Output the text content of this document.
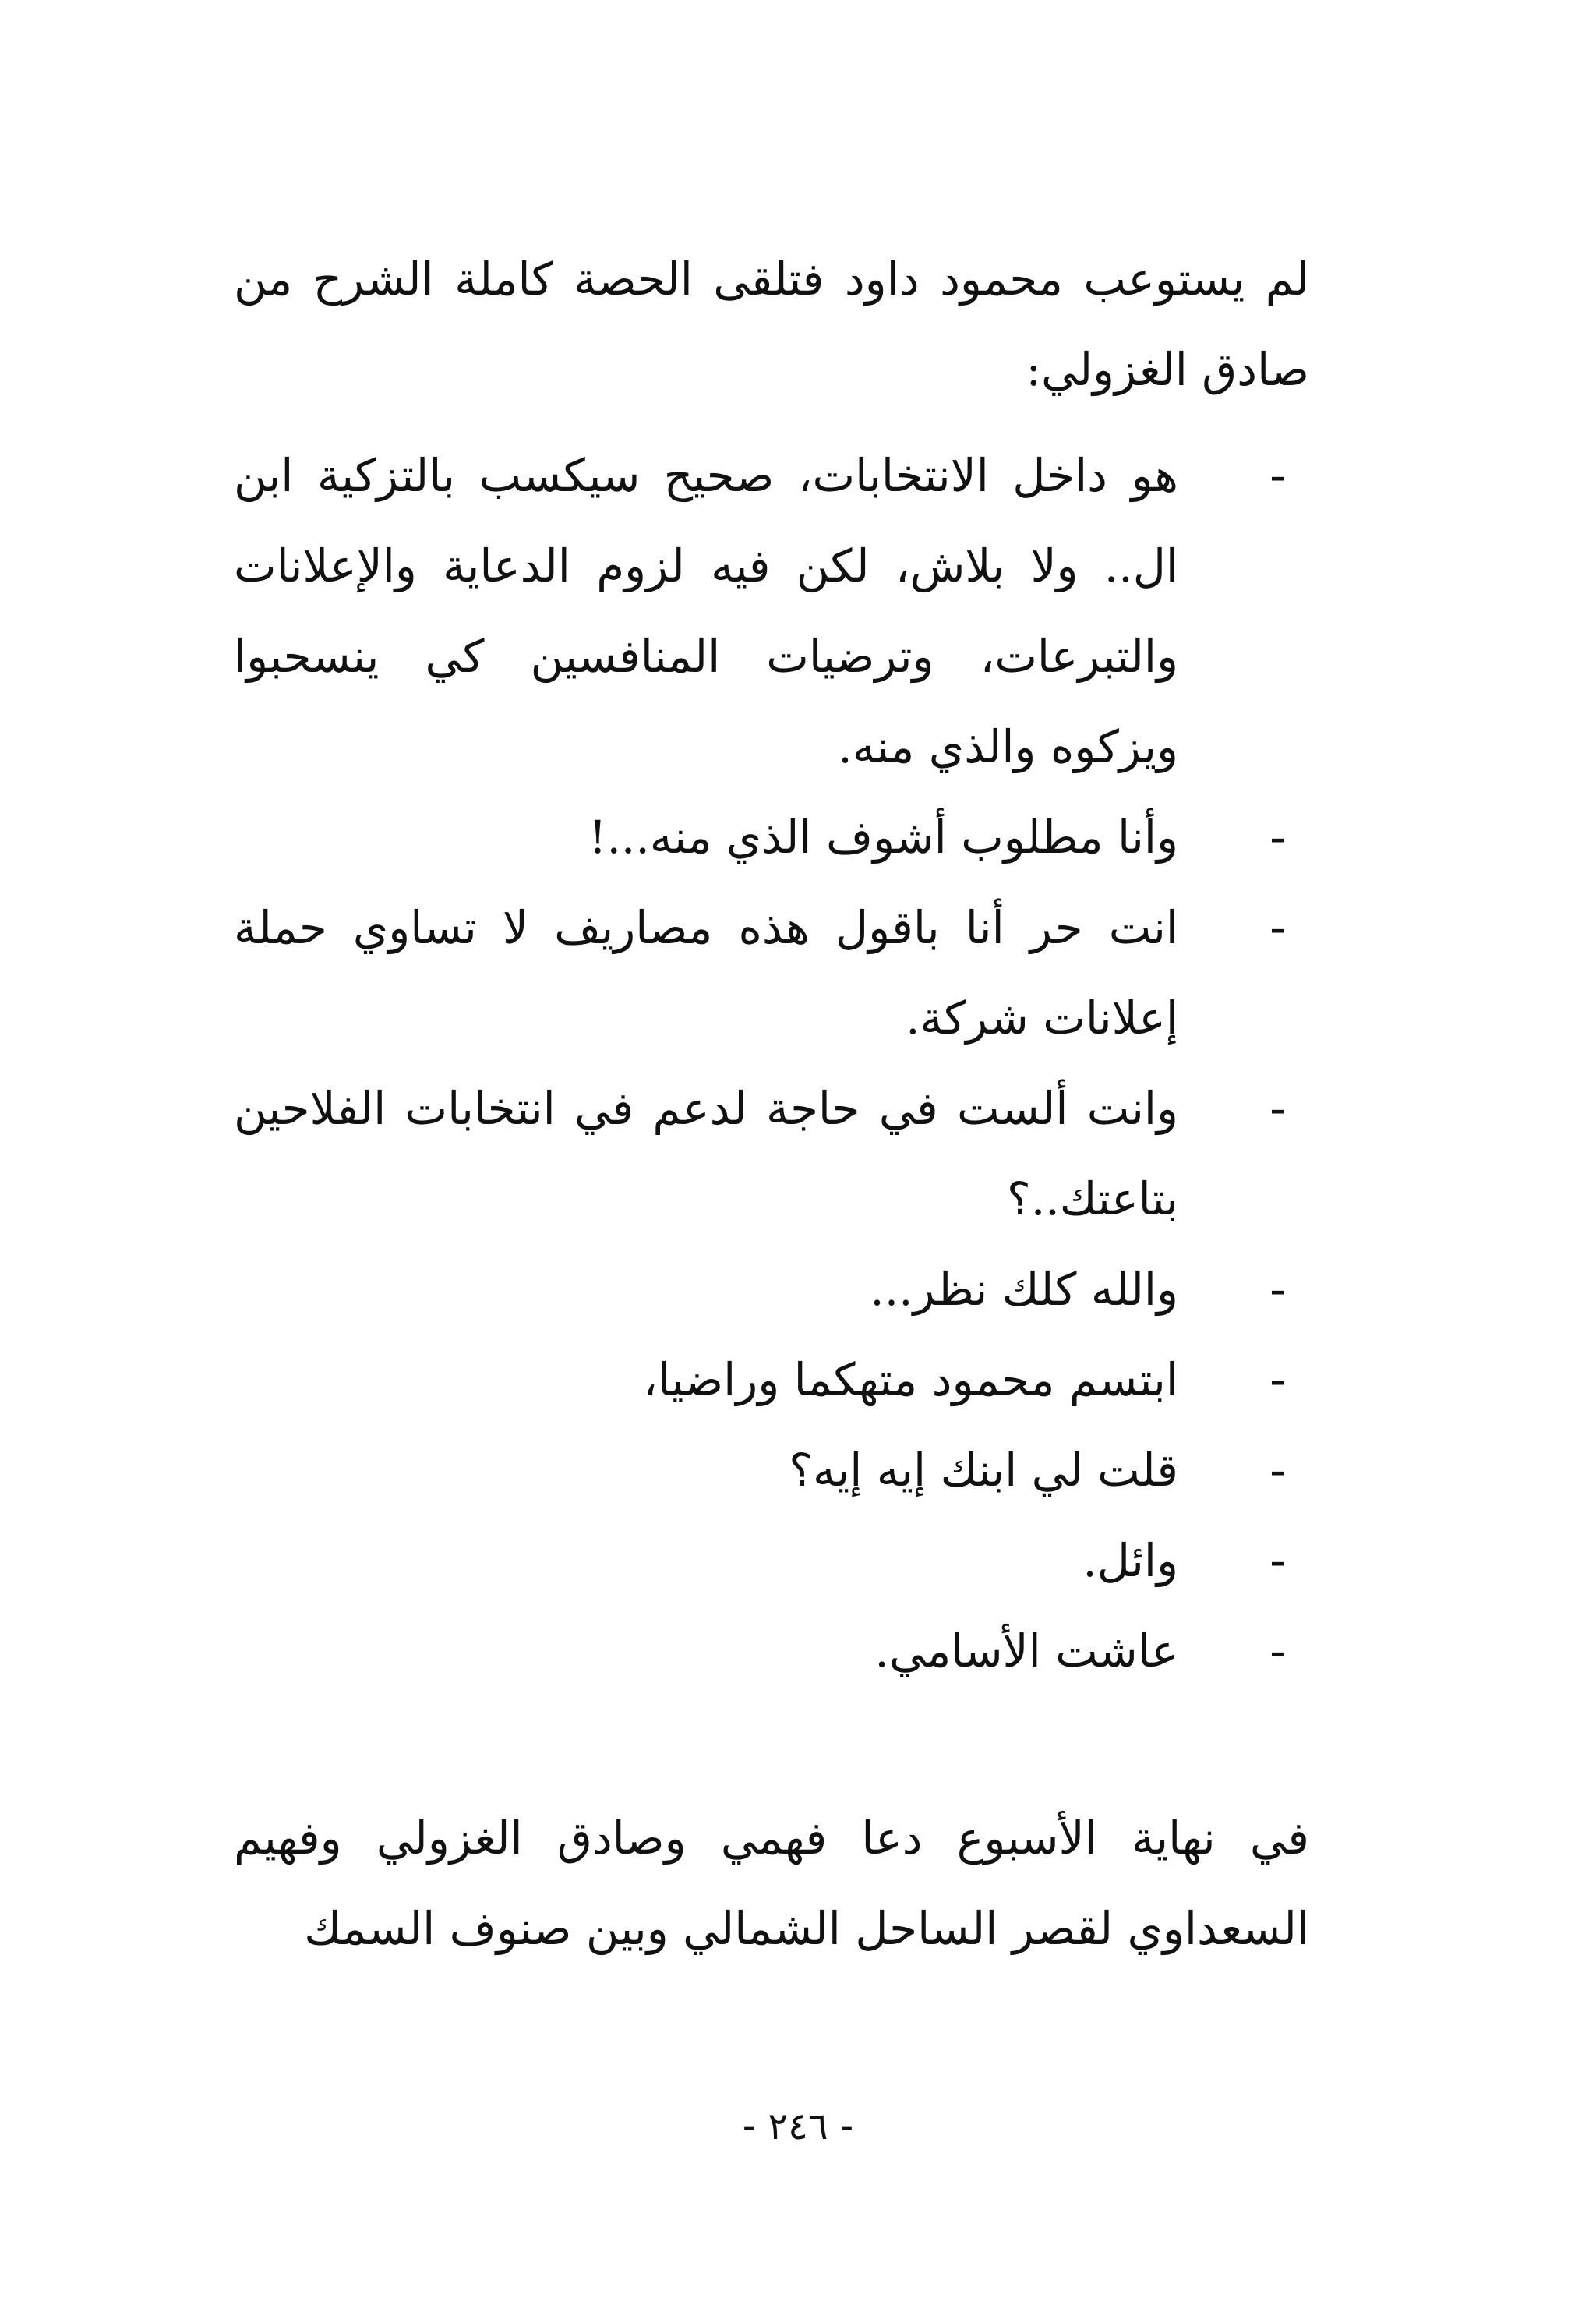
لم يستوعب محمود داود فتلقى الحصة كاملة الشرح من صادق الغزولي:

-
هو داخل الانتخابات، صحيح سيكسب بالتزكية ابن ال.. ولا بلاش، لكن فيه لزوم الدعاية والإعلانات والتبرعات، وترضيات المنافسين كي ينسحبوا ويزكوه والذي منه.
-
وأنا مطلوب أشوف الذي منه...!
-
انت حر أنا باقول هذه مصاريف لا تساوي حملة إعلانات شركة.
-
وانت ألست في حاجة لدعم في انتخابات الفلاحين بتاعتك..؟
-
والله كلك نظر...
-
ابتسم محمود متهكما وراضيا،
-
قلت لي ابنك إيه إيه؟
-
وائل.
-
عاشت الأسامي.

في نهاية الأسبوع دعا فهمي وصادق الغزولي وفهيم السعداوي لقصر الساحل الشمالي وبين صنوف السمك

- ٢٤٦ -
